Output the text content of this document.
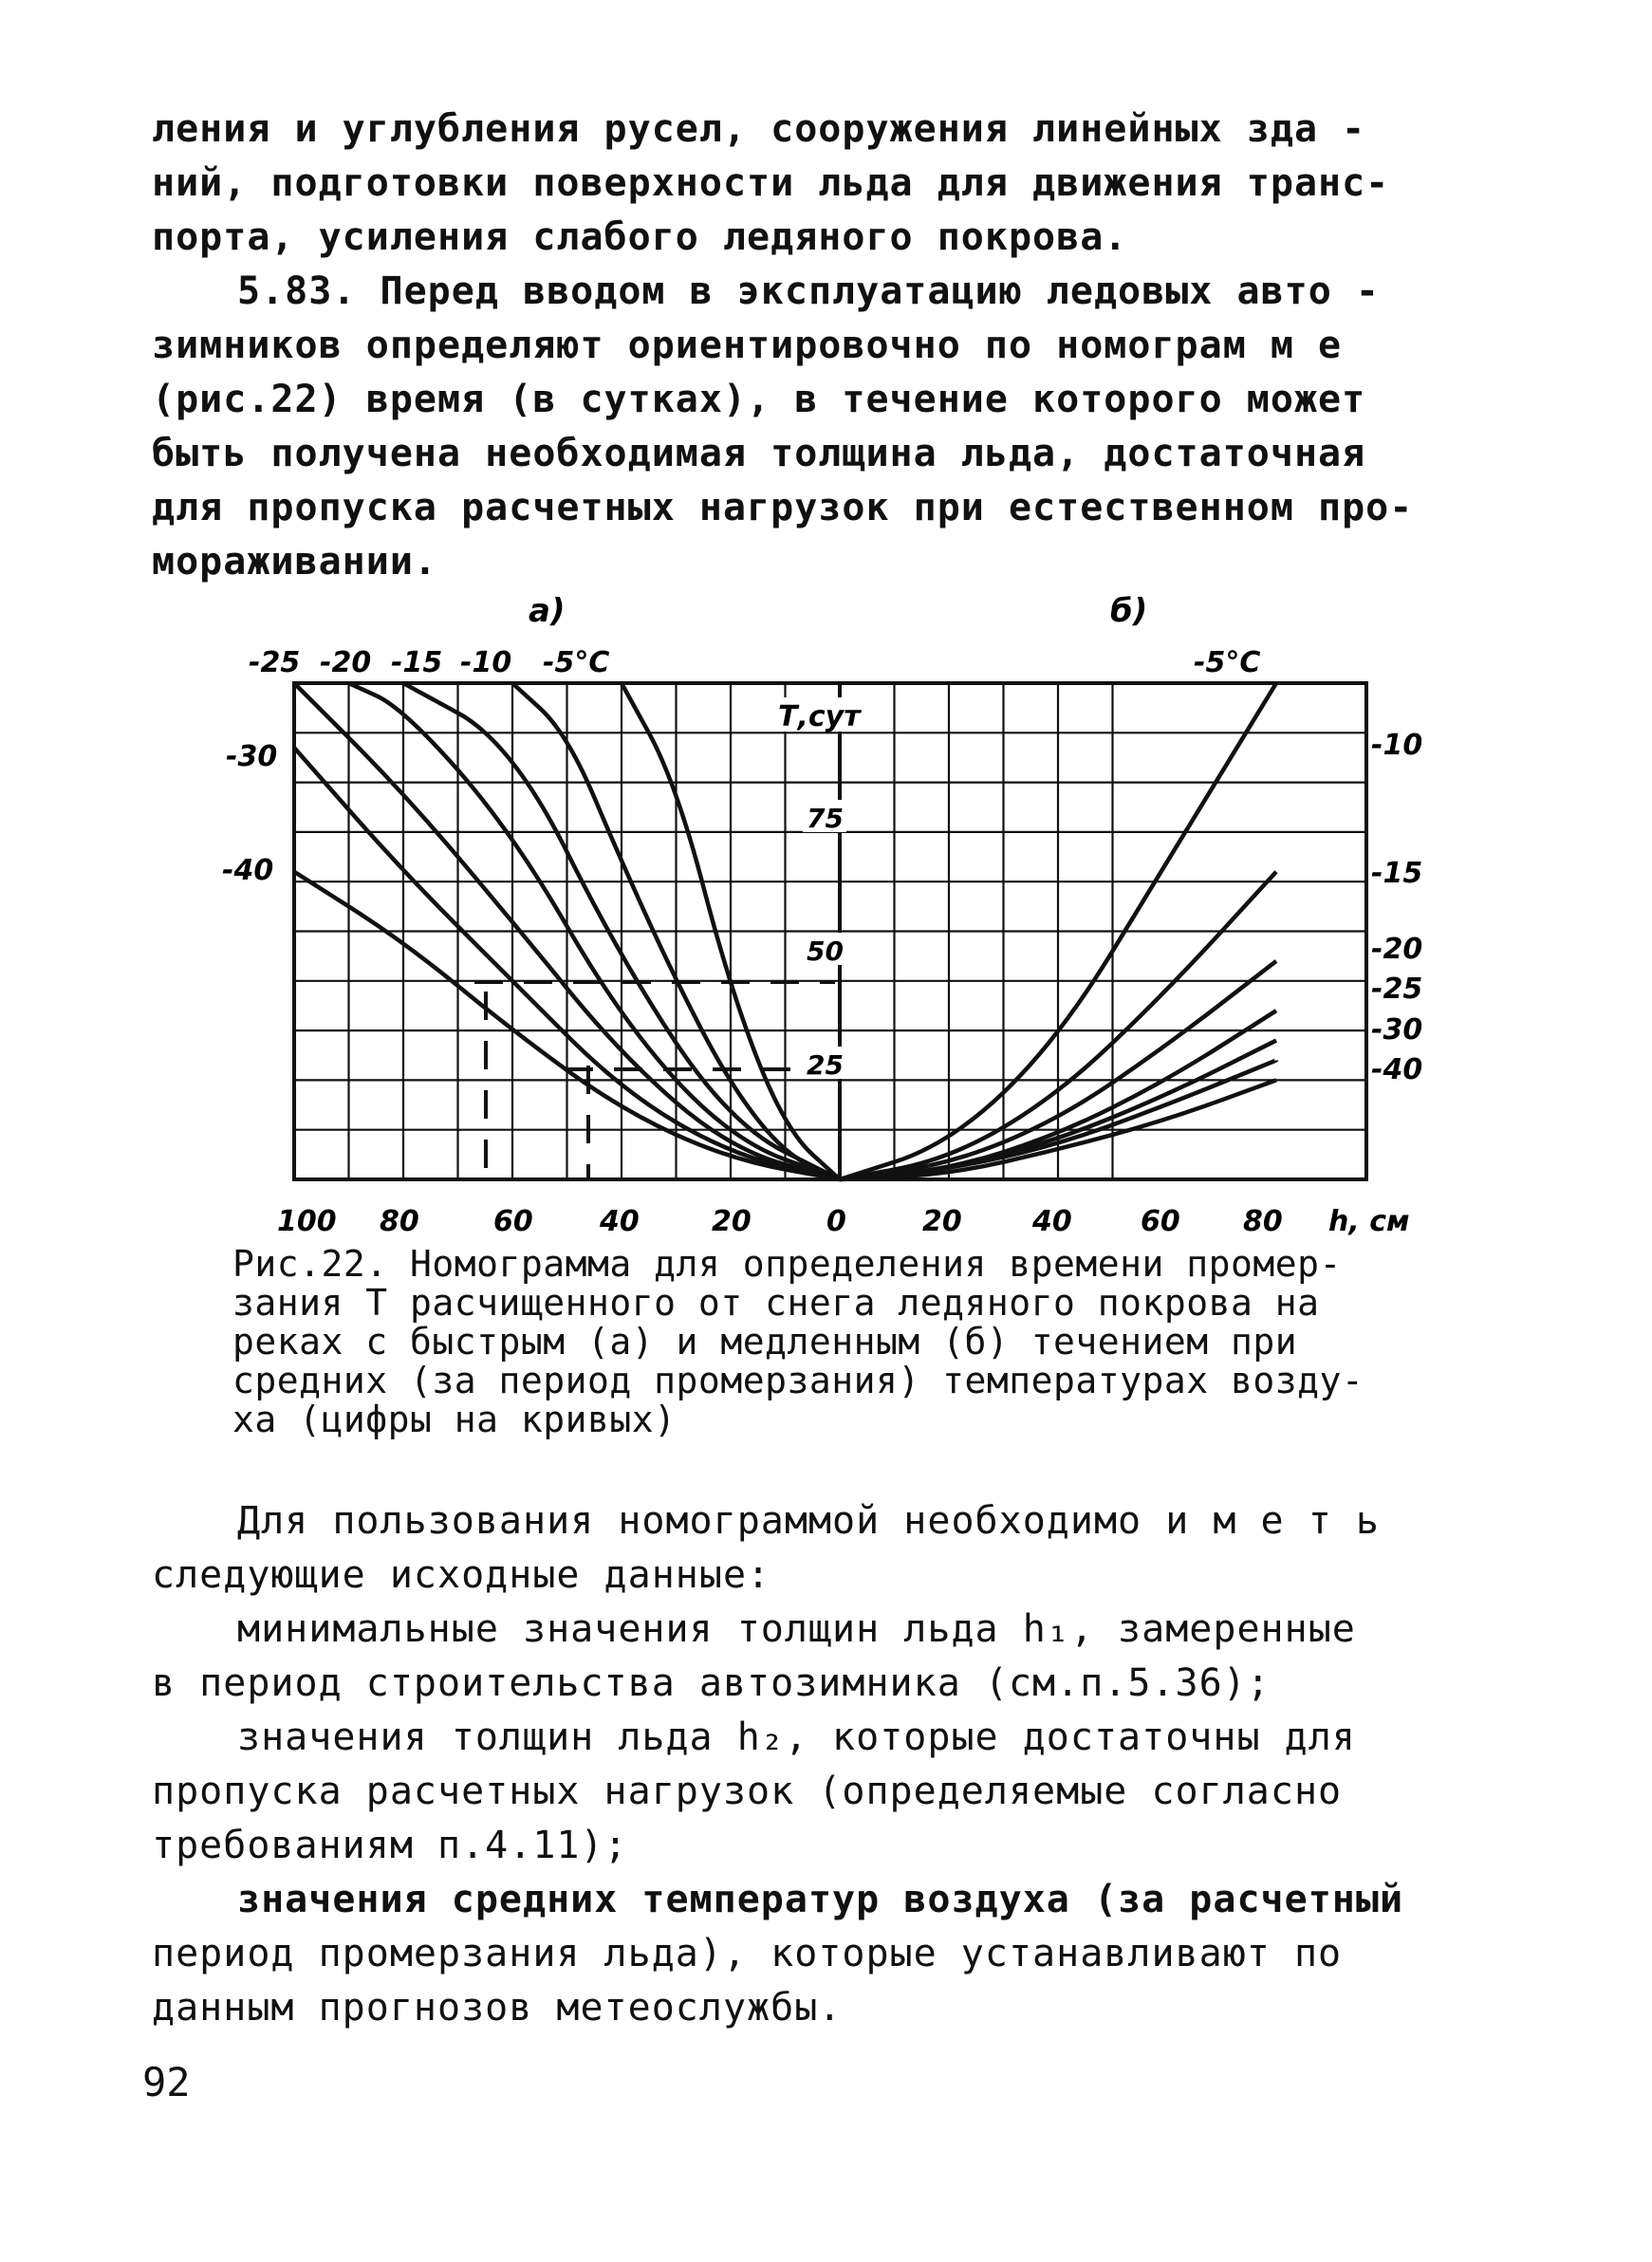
ления и углубления русел, сооружения линейных зда -
ний, подготовки поверхности льда для движения транс-
порта, усиления слабого ледяного покрова.
5.83. Перед вводом в эксплуатацию ледовых авто -
зимников определяют ориентировочно по номограм м е
(рис.22) время (в сутках), в течение которого может
быть получена необходимая толщина льда, достаточная
для пропуска расчетных нагрузок при естественном про-
мораживании.
а)	б)
-25 -20 -15 -10 -5°С	-5°С
-30
-40
-10
-15
-20
-25
-30
-40
Т,сут
75
50
25
100 80	60 40	20	0	20 40 60 80 h, см
Рис.22. Номограмма для определения времени промер-
зания Т расчищенного от снега ледяного покрова на
реках с быстрым (а) и медленным (б) течением при
средних (за период промерзания) температурах возду-
ха (цифры на кривых)
Для пользования номограммой необходимо и м е т ь
следующие исходные данные:
минимальные значения толщин льда h₁, замеренные
в период строительства автозимника (см.п.5.36);
значения толщин льда h₂, которые достаточны для
пропуска расчетных нагрузок (определяемые согласно
требованиям п.4.11);
значения средних температур воздуха (за расчетный
период промерзания льда), которые устанавливают по
данным прогнозов метеослужбы.
92
